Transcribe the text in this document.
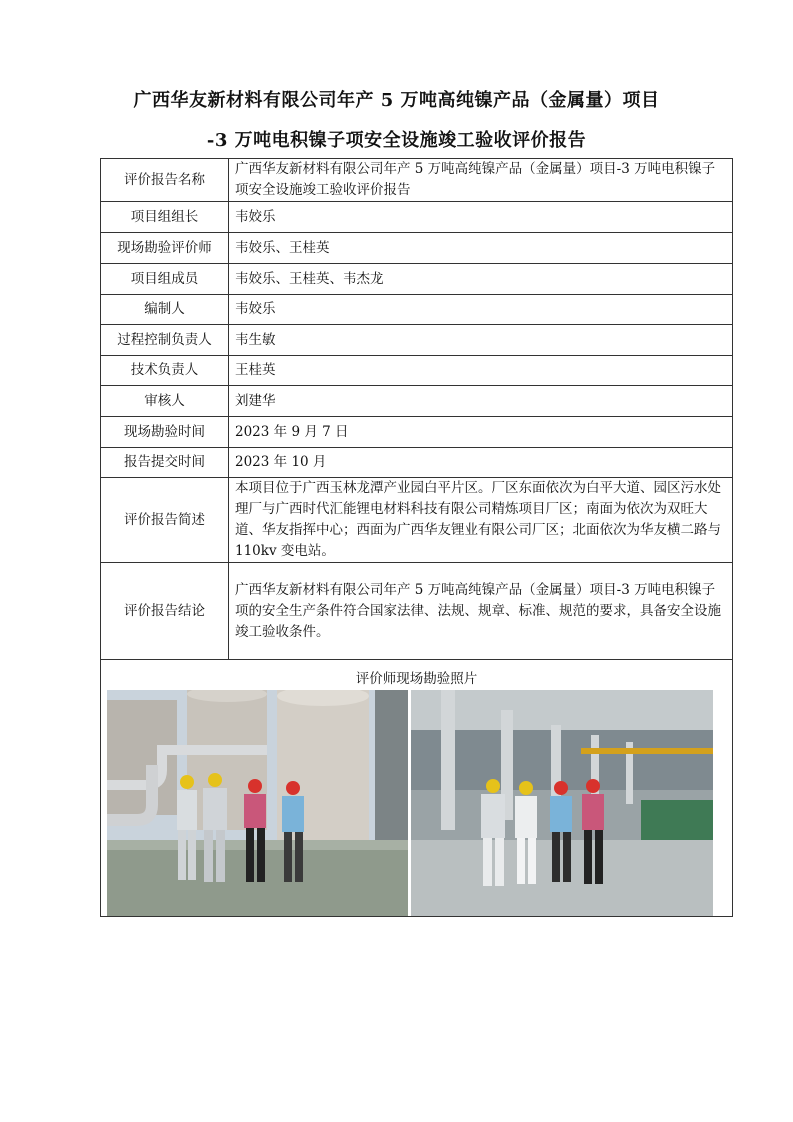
广西华友新材料有限公司年产 5 万吨高纯镍产品（金属量）项目
-3 万吨电积镍子项安全设施竣工验收评价报告
评价报告名称	广西华友新材料有限公司年产 5 万吨高纯镍产品（金属量）项目-3 万吨电积镍子项安全设施竣工验收评价报告
项目组组长	韦姣乐
现场勘验评价师	韦姣乐、王桂英
项目组成员	韦姣乐、王桂英、韦杰龙
编制人	韦姣乐
过程控制负责人	韦生敏
技术负责人	王桂英
审核人	刘建华
现场勘验时间	2023 年 9 月 7 日
报告提交时间	2023 年 10 月
评价报告简述	本项目位于广西玉林龙潭产业园白平片区。厂区东面依次为白平大道、园区污水处理厂与广西时代汇能锂电材料科技有限公司精炼项目厂区；南面为依次为双旺大道、华友指挥中心；西面为广西华友锂业有限公司厂区；北面依次为华友横二路与 110kv 变电站。
评价报告结论	广西华友新材料有限公司年产 5 万吨高纯镍产品（金属量）项目-3 万吨电积镍子项的安全生产条件符合国家法律、法规、规章、标准、规范的要求，具备安全设施竣工验收条件。

评价师现场勘验照片	
